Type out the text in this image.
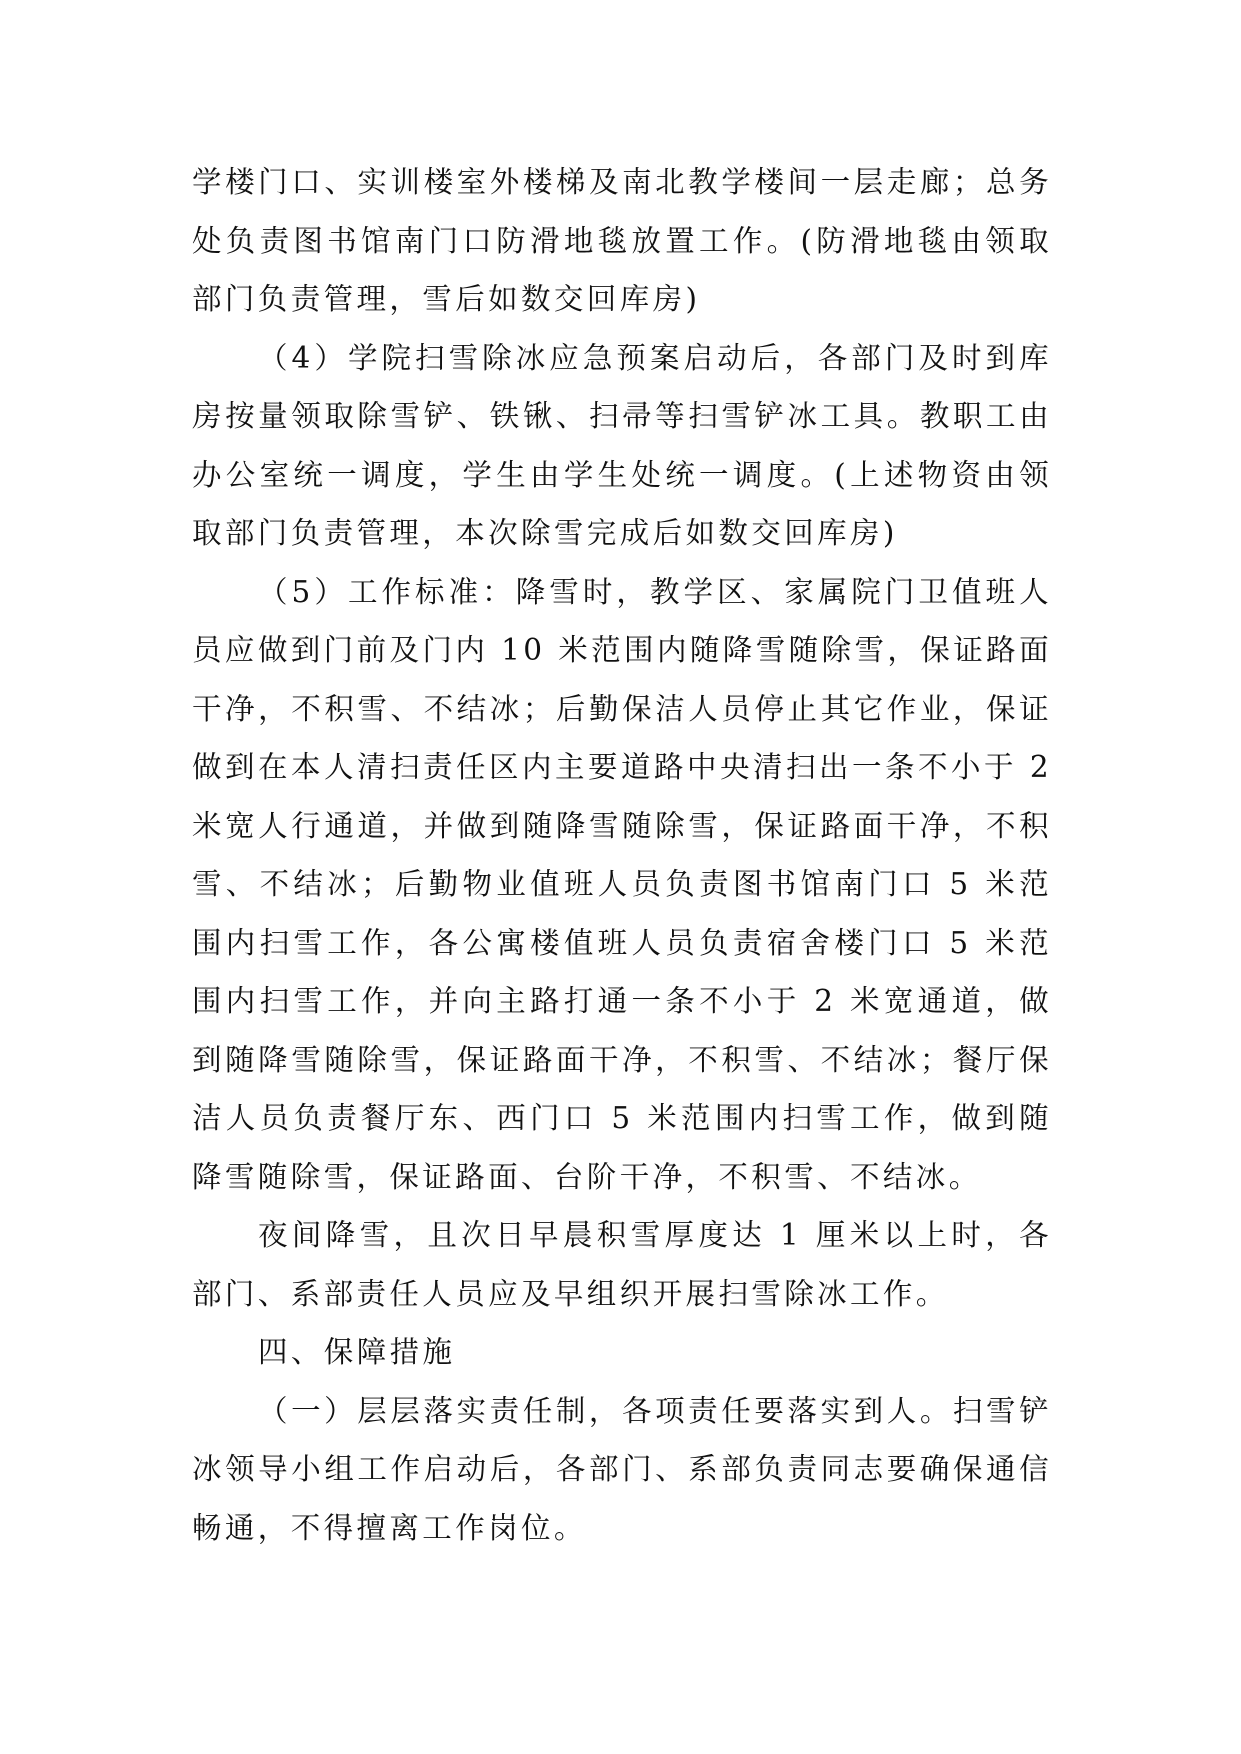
学楼门口、实训楼室外楼梯及南北教学楼间一层走廊；总务处负责图书馆南门口防滑地毯放置工作。(防滑地毯由领取部门负责管理，雪后如数交回库房)

（4）学院扫雪除冰应急预案启动后，各部门及时到库房按量领取除雪铲、铁锹、扫帚等扫雪铲冰工具。教职工由办公室统一调度，学生由学生处统一调度。(上述物资由领取部门负责管理，本次除雪完成后如数交回库房)

（5）工作标准：降雪时，教学区、家属院门卫值班人员应做到门前及门内 10 米范围内随降雪随除雪，保证路面干净，不积雪、不结冰；后勤保洁人员停止其它作业，保证做到在本人清扫责任区内主要道路中央清扫出一条不小于 2 米宽人行通道，并做到随降雪随除雪，保证路面干净，不积雪、不结冰；后勤物业值班人员负责图书馆南门口 5 米范围内扫雪工作，各公寓楼值班人员负责宿舍楼门口 5 米范围内扫雪工作，并向主路打通一条不小于 2 米宽通道，做到随降雪随除雪，保证路面干净，不积雪、不结冰；餐厅保洁人员负责餐厅东、西门口 5 米范围内扫雪工作，做到随降雪随除雪，保证路面、台阶干净，不积雪、不结冰。

夜间降雪，且次日早晨积雪厚度达 1 厘米以上时，各部门、系部责任人员应及早组织开展扫雪除冰工作。

四、保障措施

（一）层层落实责任制，各项责任要落实到人。扫雪铲冰领导小组工作启动后，各部门、系部负责同志要确保通信畅通，不得擅离工作岗位。
